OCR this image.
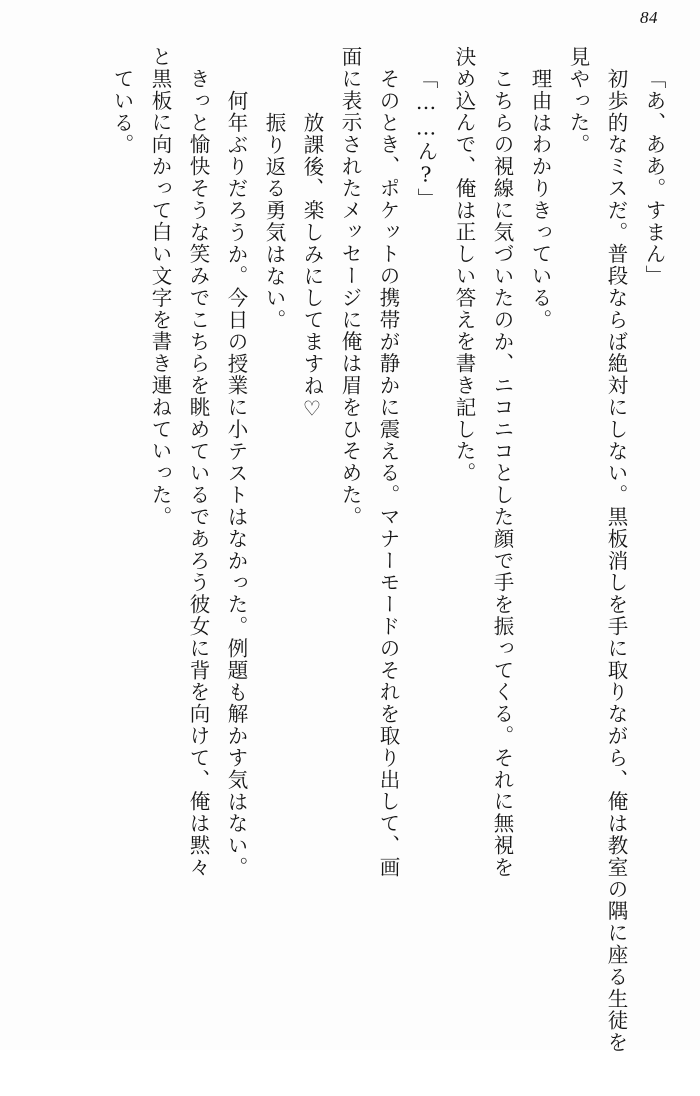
84
「あ、ああ。すまん」
初歩的なミスだ。普段ならば絶対にしない。黒板消しを手に取りながら、俺は教室の隅に座る生徒を
見やった。
理由はわかりきっている。
こちらの視線に気づいたのか、ニコニコとした顔で手を振ってくる。それに無視を
決め込んで、俺は正しい答えを書き記した。
「……ん?」
そのとき、ポケットの携帯が静かに震える。マナーモードのそれを取り出して、画
面に表示されたメッセージに俺は眉をひそめた。
放課後、楽しみにしてますね♡
振り返る勇気はない。
何年ぶりだろうか。今日の授業に小テストはなかった。例題も解かす気はない。
きっと愉快そうな笑みでこちらを眺めているであろう彼女に背を向けて、俺は黙々
と黒板に向かって白い文字を書き連ねていった。
ている。
